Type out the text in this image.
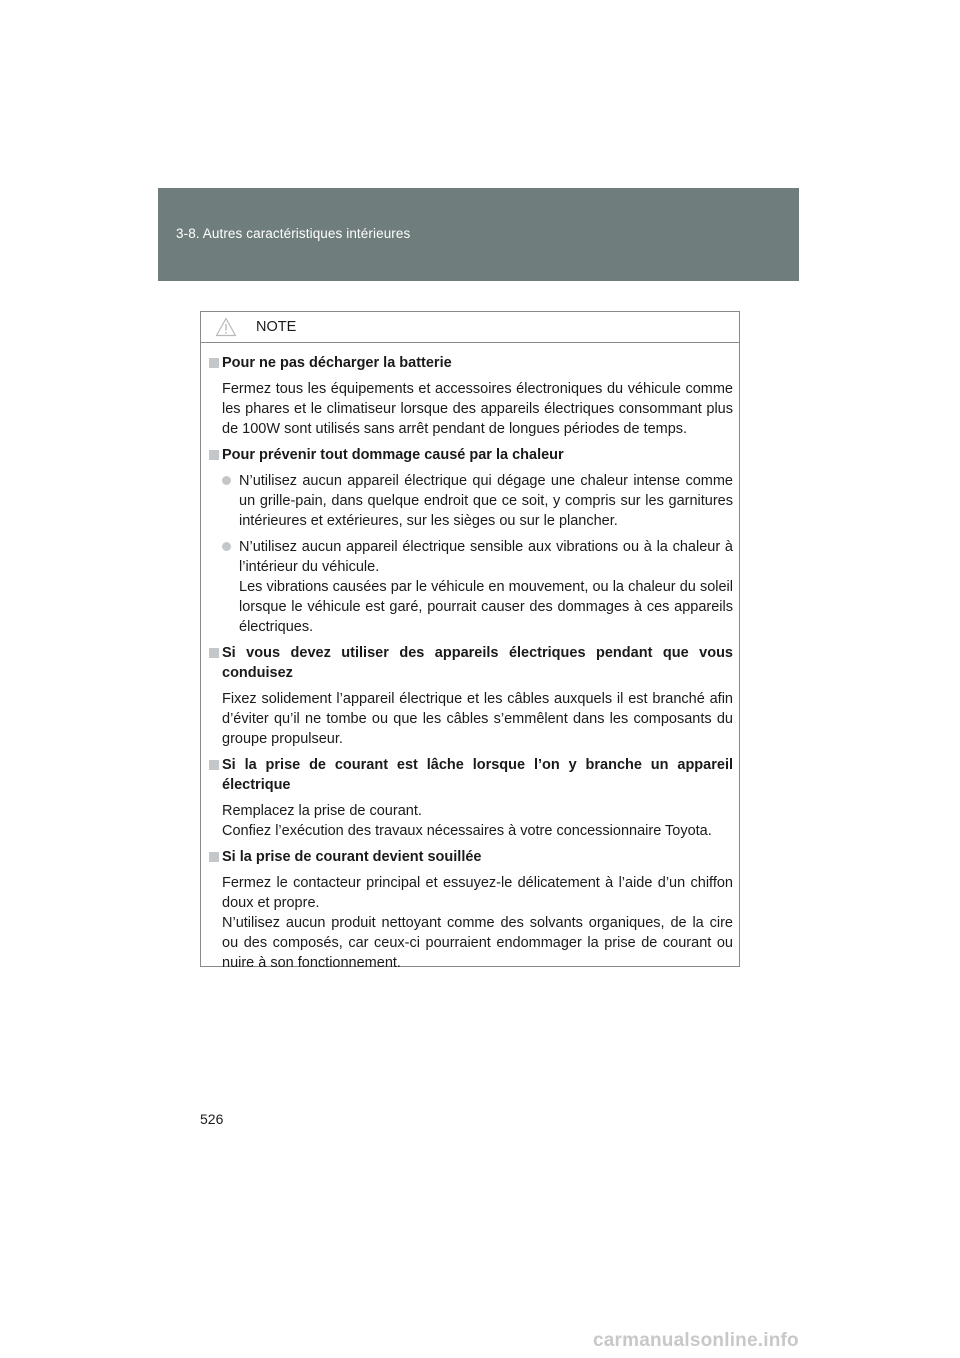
3-8. Autres caractéristiques intérieures
NOTE
Pour ne pas décharger la batterie

Fermez tous les équipements et accessoires électroniques du véhicule comme les phares et le climatiseur lorsque des appareils électriques consommant plus de 100W sont utilisés sans arrêt pendant de longues périodes de temps.

Pour prévenir tout dommage causé par la chaleur

N’utilisez aucun appareil électrique qui dégage une chaleur intense comme un grille-pain, dans quelque endroit que ce soit, y compris sur les garnitures intérieures et extérieures, sur les sièges ou sur le plancher.

N’utilisez aucun appareil électrique sensible aux vibrations ou à la chaleur à l’intérieur du véhicule.

Les vibrations causées par le véhicule en mouvement, ou la chaleur du soleil lorsque le véhicule est garé, pourrait causer des dommages à ces appareils électriques.

Si vous devez utiliser des appareils électriques pendant que vous conduisez

Fixez solidement l’appareil électrique et les câbles auxquels il est branché afin d’éviter qu’il ne tombe ou que les câbles s’emmêlent dans les composants du groupe propulseur.

Si la prise de courant est lâche lorsque l’on y branche un appareil électrique

Remplacez la prise de courant.

Confiez l’exécution des travaux nécessaires à votre concessionnaire Toyota.

Si la prise de courant devient souillée

Fermez le contacteur principal et essuyez-le délicatement à l’aide d’un chiffon doux et propre.

N’utilisez aucun produit nettoyant comme des solvants organiques, de la cire ou des composés, car ceux-ci pourraient endommager la prise de courant ou nuire à son fonctionnement.

526
carmanualsonline.info
